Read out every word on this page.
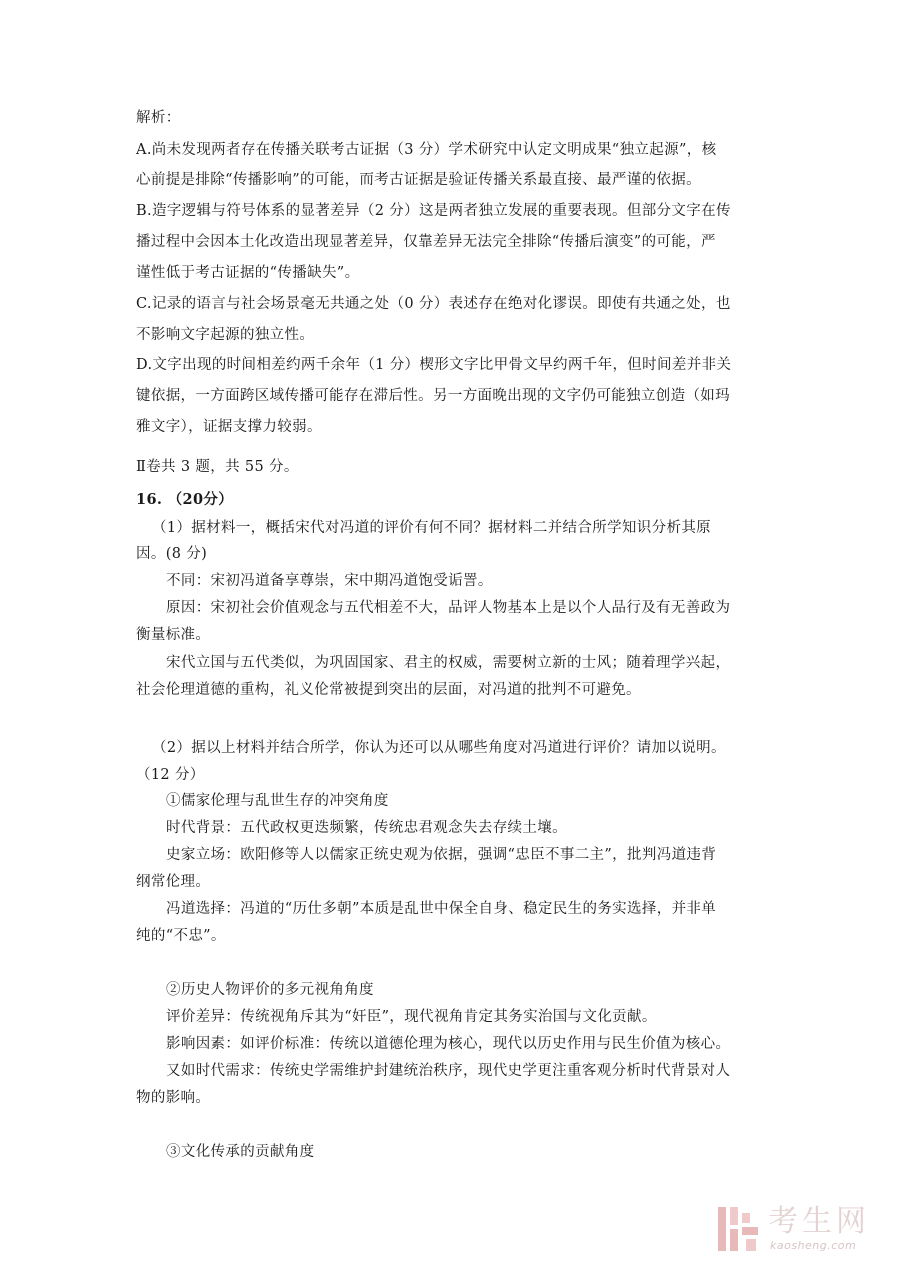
解析：
A.尚未发现两者存在传播关联考古证据（3 分）学术研究中认定文明成果“独立起源”，核
心前提是排除“传播影响”的可能，而考古证据是验证传播关系最直接、最严谨的依据。
B.造字逻辑与符号体系的显著差异（2 分）这是两者独立发展的重要表现。但部分文字在传
播过程中会因本土化改造出现显著差异，仅靠差异无法完全排除“传播后演变”的可能，严
谨性低于考古证据的“传播缺失”。
C.记录的语言与社会场景毫无共通之处（0 分）表述存在绝对化谬误。即使有共通之处，也
不影响文字起源的独立性。
D.文字出现的时间相差约两千余年（1 分）楔形文字比甲骨文早约两千年，但时间差并非关
键依据，一方面跨区域传播可能存在滞后性。另一方面晚出现的文字仍可能独立创造（如玛
雅文字），证据支撑力较弱。
Ⅱ卷共 3 题，共 55 分。
16. （20分）
（1）据材料一，概括宋代对冯道的评价有何不同？据材料二并结合所学知识分析其原
因。(8 分)
不同：宋初冯道备享尊崇，宋中期冯道饱受诟詈。
原因：宋初社会价值观念与五代相差不大，品评人物基本上是以个人品行及有无善政为
衡量标准。
宋代立国与五代类似，为巩固国家、君主的权威，需要树立新的士风；随着理学兴起，
社会伦理道德的重构，礼义伦常被提到突出的层面，对冯道的批判不可避免。
（2）据以上材料并结合所学，你认为还可以从哪些角度对冯道进行评价？请加以说明。
（12 分）
①儒家伦理与乱世生存的冲突角度
时代背景：五代政权更迭频繁，传统忠君观念失去存续土壤。
史家立场：欧阳修等人以儒家正统史观为依据，强调“忠臣不事二主”，批判冯道违背
纲常伦理。
冯道选择：冯道的“历仕多朝”本质是乱世中保全自身、稳定民生的务实选择，并非单
纯的“不忠”。
②历史人物评价的多元视角角度
评价差异：传统视角斥其为“奸臣”，现代视角肯定其务实治国与文化贡献。
影响因素：如评价标准：传统以道德伦理为核心，现代以历史作用与民生价值为核心。
又如时代需求：传统史学需维护封建统治秩序，现代史学更注重客观分析时代背景对人
物的影响。
③文化传承的贡献角度
考生网
kaosheng.com
